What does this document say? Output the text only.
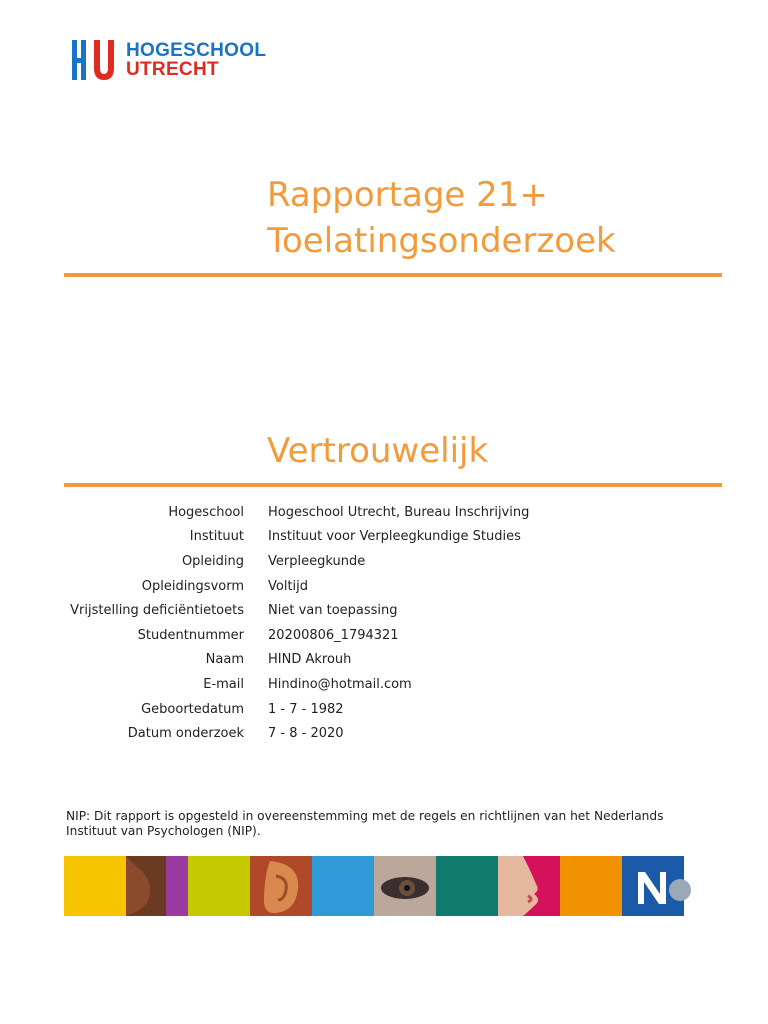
HOGESCHOOL
UTRECHT
Rapportage 21+
Toelatingsonderzoek
Vertrouwelijk
Hogeschool Hogeschool Utrecht, Bureau Inschrijving
Instituut Instituut voor Verpleegkundige Studies
Opleiding Verpleegkunde
Opleidingsvorm Voltijd
Vrijstelling deficiëntietoets Niet van toepassing
Studentnummer 20200806_1794321
Naam HIND Akrouh
E-mail Hindino@hotmail.com
Geboortedatum 1 - 7 - 1982
Datum onderzoek 7 - 8 - 2020
NIP: Dit rapport is opgesteld in overeenstemming met de regels en richtlijnen van het Nederlands Instituut van Psychologen (NIP).
